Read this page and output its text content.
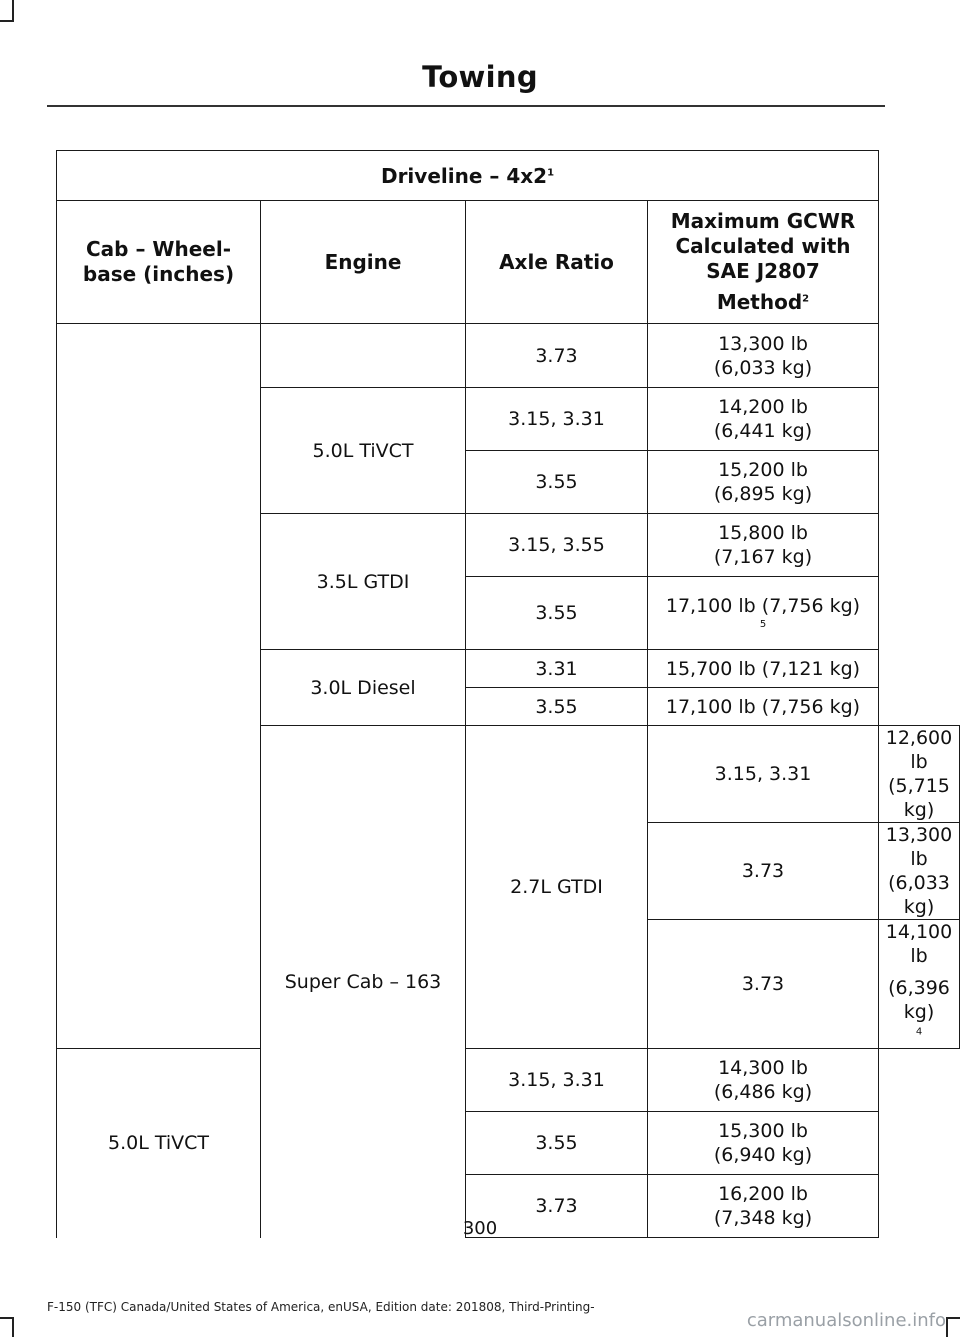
Towing
Driveline – $4x2^1$
Cab – Wheel-base (inches)	Engine	Axle Ratio	Maximum GCWR Calculated with SAE J2807
Method$^2$
		3.73	13,300 lb
(6,033 kg)	
	5.0L TiVCT	3.15, 3.31	14,200 lb
(6,441 kg)	
		3.55	15,200 lb
(6,895 kg)	
	3.5L GTDI	3.15, 3.55	15,800 lb
(7,167 kg)	
		3.55	17,100 lb (7,756 kg)
5	

	3.0L Diesel	3.31	15,700 lb (7,121 kg)	
		3.55	17,100 lb (7,756 kg)	
	Super Cab – 163	2.7L GTDI	3.15, 3.31	12,600 lb
(5,715 kg)
			3.73	13,300 lb
(6,033 kg)
			3.73	14,100 lb
(6,396 kg) $^4$
5.0L TiVCT		3.15, 3.31	14,300 lb
(6,486 kg)	
		3.55	15,300 lb
(6,940 kg)	
		3.73	16,200 lb
(7,348 kg)	
300
F-150 (TFC) Canada/United States of America, enUSA, Edition date: 201808, Third-Printing-
carmanualsonline.info
